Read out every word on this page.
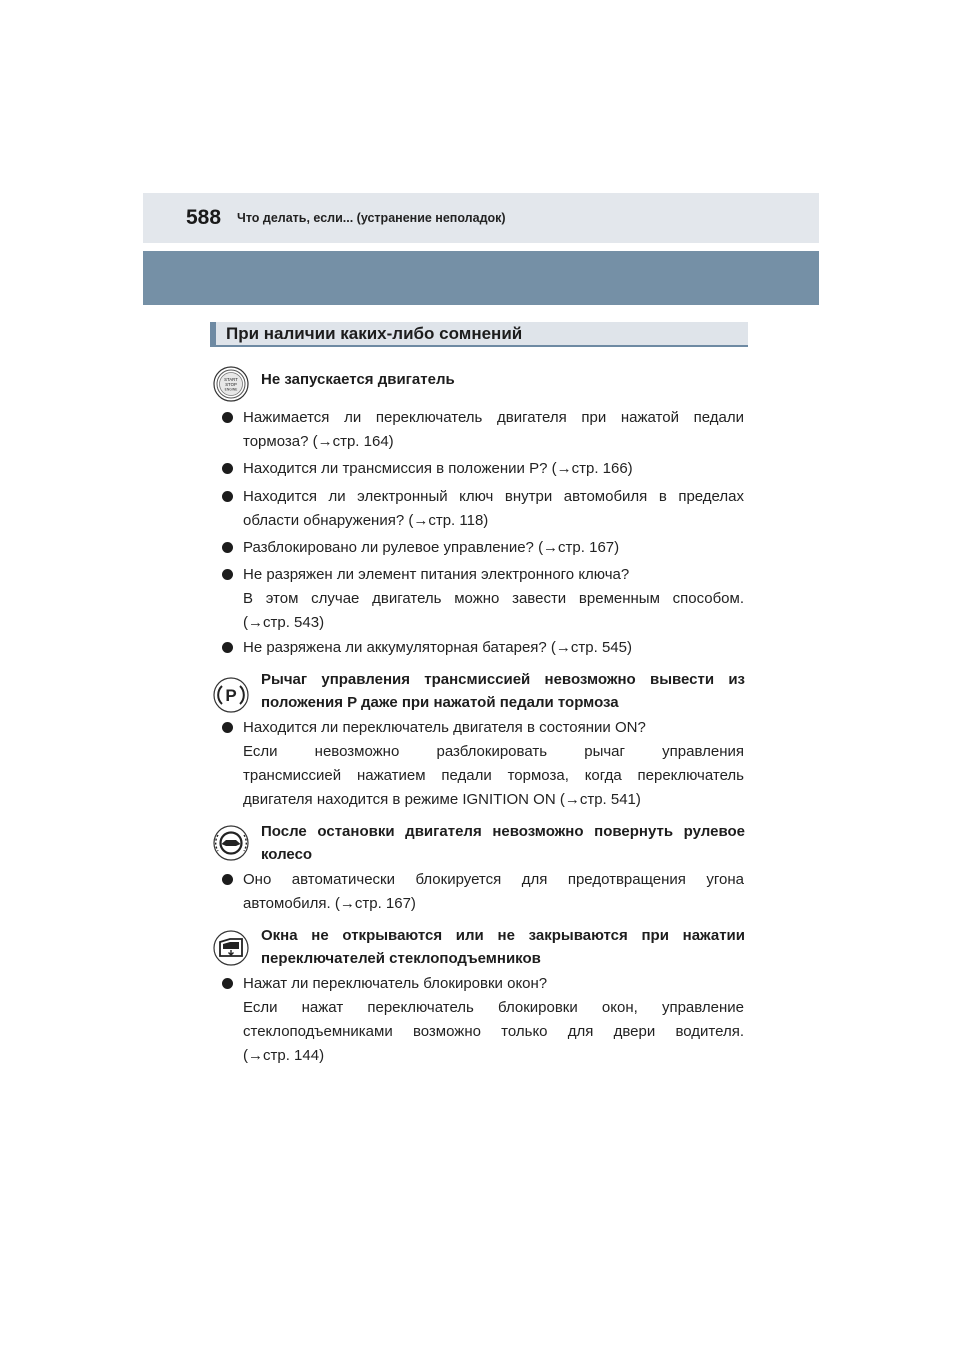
588 Что делать, если... (устранение неполадок)
При наличии каких-либо сомнений
START
STOP
ENGINE
Не запускается двигатель
Нажимается ли переключатель двигателя при нажатой педали
тормоза? (→стр. 164)
Находится ли трансмиссия в положении P? (→стр. 166)
Находится ли электронный ключ внутри автомобиля в пределах
области обнаружения? (→стр. 118)
Разблокировано ли рулевое управление? (→стр. 167)
Не разряжен ли элемент питания электронного ключа?
В этом случае двигатель можно завести временным способом.
(→стр. 543)
Не разряжена ли аккумуляторная батарея? (→стр. 545)
P
Рычаг управления трансмиссией невозможно вывести из
положения P даже при нажатой педали тормоза
Находится ли переключатель двигателя в состоянии ON?
Если невозможно разблокировать рычаг управления
трансмиссией нажатием педали тормоза, когда переключатель
двигателя находится в режиме IGNITION ON (→стр. 541)
После остановки двигателя невозможно повернуть рулевое
колесо
Оно автоматически блокируется для предотвращения угона
автомобиля. (→стр. 167)
Окна не открываются или не закрываются при нажатии
переключателей стеклоподъемников
Нажат ли переключатель блокировки окон?
Если нажат переключатель блокировки окон, управление
стеклоподъемниками возможно только для двери водителя.
(→стр. 144)
